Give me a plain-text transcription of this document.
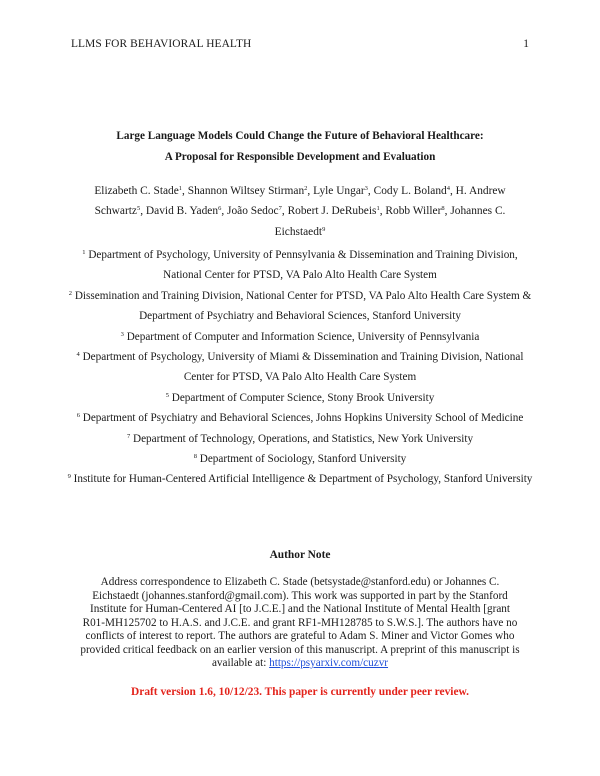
LLMS FOR BEHAVIORAL HEALTH	1
Large Language Models Could Change the Future of Behavioral Healthcare:
A Proposal for Responsible Development and Evaluation
Elizabeth C. Stade$^1$, Shannon Wiltsey Stirman$^2$, Lyle Ungar$^3$, Cody L. Boland$^4$, H. Andrew Schwartz$^5$, David B. Yaden$^6$, João Sedoc$^7$, Robert J. DeRubeis$^1$, Robb Willer$^8$, Johannes C. Eichstaedt$^9$

$^1$ Department of Psychology, University of Pennsylvania & Dissemination and Training Division, National Center for PTSD, VA Palo Alto Health Care System

$^2$ Dissemination and Training Division, National Center for PTSD, VA Palo Alto Health Care System & Department of Psychiatry and Behavioral Sciences, Stanford University

$^3$ Department of Computer and Information Science, University of Pennsylvania

$^4$ Department of Psychology, University of Miami & Dissemination and Training Division, National Center for PTSD, VA Palo Alto Health Care System

$^5$ Department of Computer Science, Stony Brook University

$^6$ Department of Psychiatry and Behavioral Sciences, Johns Hopkins University School of Medicine

$^7$ Department of Technology, Operations, and Statistics, New York University

$^8$ Department of Sociology, Stanford University

$^9$ Institute for Human-Centered Artificial Intelligence & Department of Psychology, Stanford University

Author Note
Address correspondence to Elizabeth C. Stade (betsystade@stanford.edu) or Johannes C. Eichstaedt (johannes.stanford@gmail.com). This work was supported in part by the Stanford Institute for Human-Centered AI [to J.C.E.] and the National Institute of Mental Health [grant R01-MH125702 to H.A.S. and J.C.E. and grant RF1-MH128785 to S.W.S.]. The authors have no conflicts of interest to report. The authors are grateful to Adam S. Miner and Victor Gomes who provided critical feedback on an earlier version of this manuscript. A preprint of this manuscript is available at: https://psyarxiv.com/cuzvr
Draft version 1.6, 10/12/23. This paper is currently under peer review.
